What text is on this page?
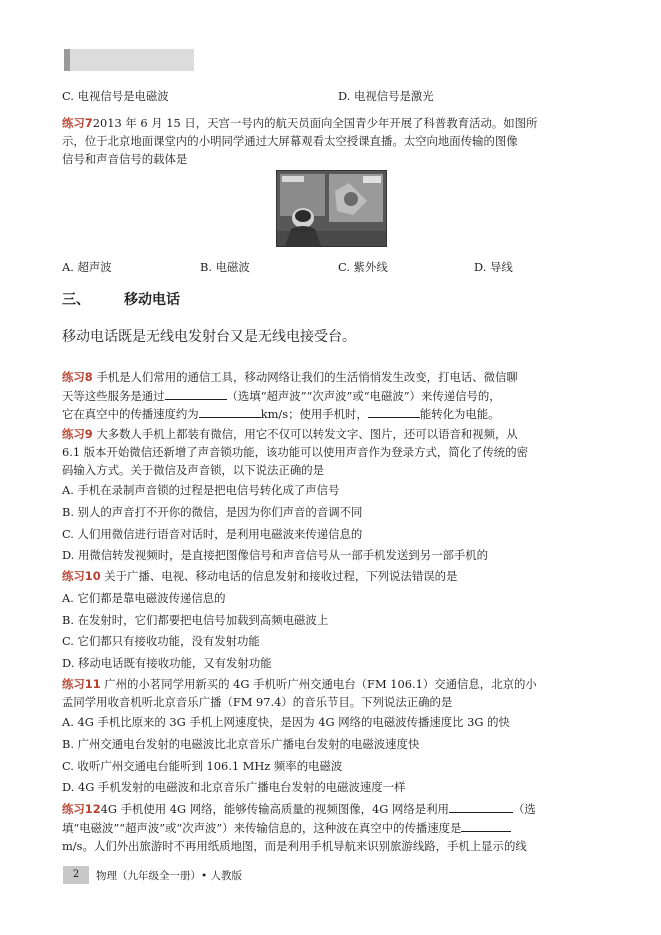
C. 电视信号是电磁波	D. 电视信号是激光
练习72013 年 6 月 15 日，天宫一号内的航天员面向全国青少年开展了科普教育活动。如图所
示，位于北京地面课堂内的小明同学通过大屏幕观看太空授课直播。太空向地面传输的图像
信号和声音信号的载体是
A. 超声波	B. 电磁波	C. 紫外线	D. 导线
三、 移动电话
移动电话既是无线电发射台又是无线电接受台。
练习8 手机是人们常用的通信工具，移动网络让我们的生活悄悄发生改变，打电话、微信聊
天等这些服务是通过	（选填“超声波”“次声波”或“电磁波”）来传递信号的，
它在真空中的传播速度约为	km/s；使用手机时，	能转化为电能。
练习9 大多数人手机上都装有微信，用它不仅可以转发文字、图片，还可以语音和视频，从
6.1 版本开始微信还新增了声音锁功能，该功能可以使用声音作为登录方式，简化了传统的密
码输入方式。关于微信及声音锁，以下说法正确的是
A. 手机在录制声音锁的过程是把电信号转化成了声信号
B. 别人的声音打不开你的微信，是因为你们声音的音调不同
C. 人们用微信进行语音对话时，是利用电磁波来传递信息的
D. 用微信转发视频时，是直接把图像信号和声音信号从一部手机发送到另一部手机的
练习10 关于广播、电视、移动电话的信息发射和接收过程，下列说法错误的是
A. 它们都是靠电磁波传递信息的
B. 在发射时，它们都要把电信号加载到高频电磁波上
C. 它们都只有接收功能，没有发射功能
D. 移动电话既有接收功能，又有发射功能
练习11 广州的小茗同学用新买的 4G 手机听广州交通电台（FM 106.1）交通信息，北京的小
孟同学用收音机听北京音乐广播（FM 97.4）的音乐节目。下列说法正确的是
A. 4G 手机比原来的 3G 手机上网速度快，是因为 4G 网络的电磁波传播速度比 3G 的快
B. 广州交通电台发射的电磁波比北京音乐广播电台发射的电磁波速度快
C. 收听广州交通电台能听到 106.1 MHz 频率的电磁波
D. 4G 手机发射的电磁波和北京音乐广播电台发射的电磁波速度一样
练习124G 手机使用 4G 网络，能够传输高质量的视频图像，4G 网络是利用	（选
填“电磁波”“超声波”或“次声波”）来传输信息的，这种波在真空中的传播速度是
m/s。人们外出旅游时不再用纸质地图，而是利用手机导航来识别旅游线路，手机上显示的线
2	物理（九年级全一册）• 人教版
